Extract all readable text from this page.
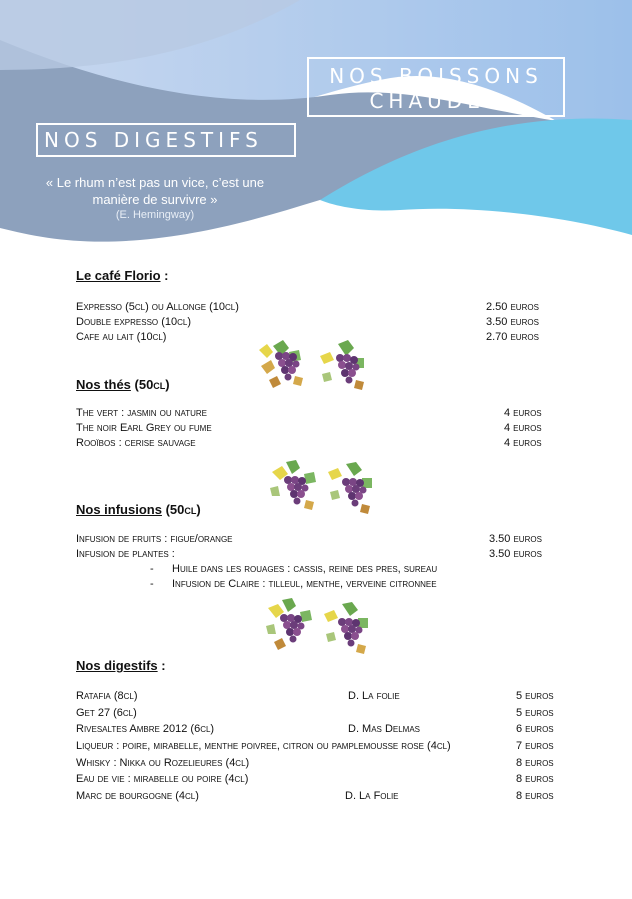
NOS BOISSONS CHAUDES
NOS DIGESTIFS
« Le rhum n’est pas un vice, c’est une manière de survivre »
(E. Hemingway)
Le café Florio :
Expresso (5cl) ou Allonge (10cl)	2.50 euros
Double expresso (10cl)	3.50 euros
Cafe au lait (10cl)	2.70 euros
Nos thés (50cl)
The vert : jasmin ou nature	4 euros
The noir Earl Grey ou fume	4 euros
Rooïbos : cerise sauvage	4 euros
Nos infusions (50cl)
Infusion de fruits : figue/orange	3.50 euros
Infusion de plantes :	3.50 euros
- Huile dans les rouages : cassis, reine des pres, sureau
- Infusion de Claire : tilleul, menthe, verveine citronnee
Nos digestifs :
Ratafia (8cl)	D. La folie	5 euros
Get 27 (6cl)	5 euros
Rivesaltes Ambre 2012 (6cl)	D. Mas Delmas	6 euros
Liqueur : poire, mirabelle, menthe poivree, citron ou pamplemousse rose (4cl)	7 euros
Whisky : Nikka ou Rozelieures (4cl)	8 euros
Eau de vie : mirabelle ou poire (4cl)	8 euros
Marc de bourgogne (4cl)	D. La Folie	8 euros
